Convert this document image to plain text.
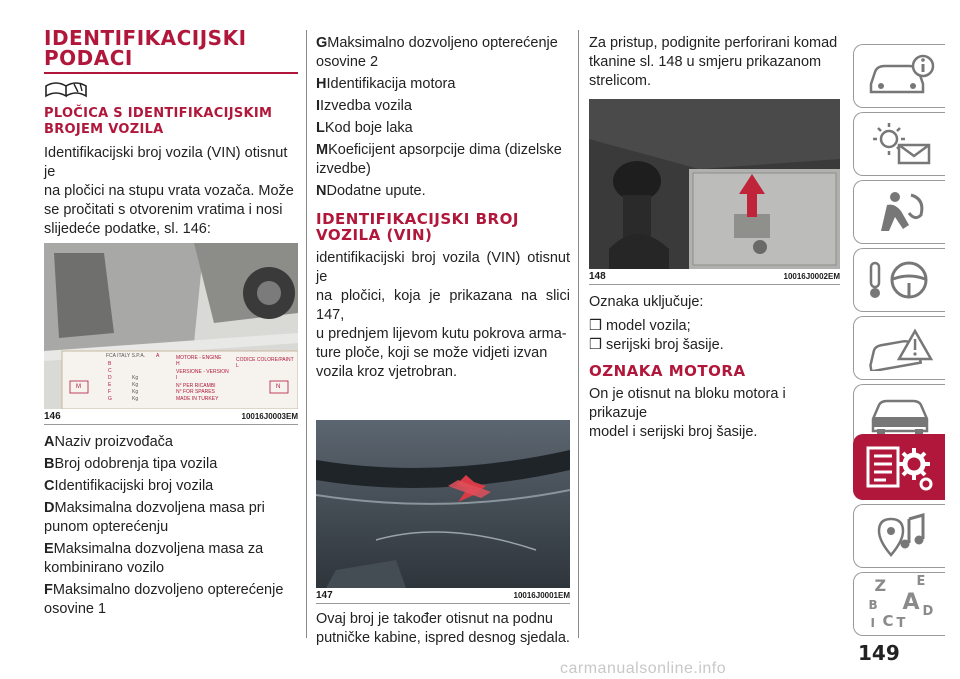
IDENTIFIKACIJSKI
PODACI
PLOČICA S IDENTIFIKACIJSKIM
BROJEM VOZILA
Identifikacijski broj vozila (VIN) otisnut je
na pločici na stupu vrata vozača. Može
se pročitati s otvorenim vratima i nosi
slijedeće podatke, sl. 146:
FCA ITALY S.P.A. A	MOTORE - ENGINE
H
CODICE COLORE/PAINT
L
VERSIONE - VERSION
I
N° PER RICAMBI
N° FOR SPARES
MADE IN TURKEY
B
C
D
E
F
G
Kg
Kg
Kg
Kg
M	N
146	10016J0003EM
ANaziv proizvođača
BBroj odobrenja tipa vozila
CIdentifikacijski broj vozila
DMaksimalna dozvoljena masa pri
punom opterećenju
EMaksimalna dozvoljena masa za
kombinirano vozilo
FMaksimalno dozvoljeno opterećenje
osovine 1
GMaksimalno dozvoljeno opterećenje
osovine 2
HIdentifikacija motora
IIzvedba vozila
LKod boje laka
MKoeficijent apsorpcije dima (dizelske
izvedbe)
NDodatne upute.
IDENTIFIKACIJSKI BROJ
VOZILA (VIN)
identifikacijski broj vozila (VIN) otisnut je
na pločici, koja je prikazana na slici 147,
u prednjem lijevom kutu pokrova arma-
ture ploče, koji se može vidjeti izvan
vozila kroz vjetrobran.
147	10016J0001EM
Ovaj broj je također otisnut na podnu
putničke kabine, ispred desnog sjedala.
Za pristup, podignite perforirani komad
tkanine sl. 148 u smjeru prikazanom
strelicom.
148	10016J0002EM
Oznaka uključuje:
❒ model vozila;
❒ serijski broj šasije.
OZNAKA MOTORA
On je otisnut na bloku motora i prikazuje
model i serijski broj šasije.
Z E
B A
C
D
I T
149
carmanualsonline.info
